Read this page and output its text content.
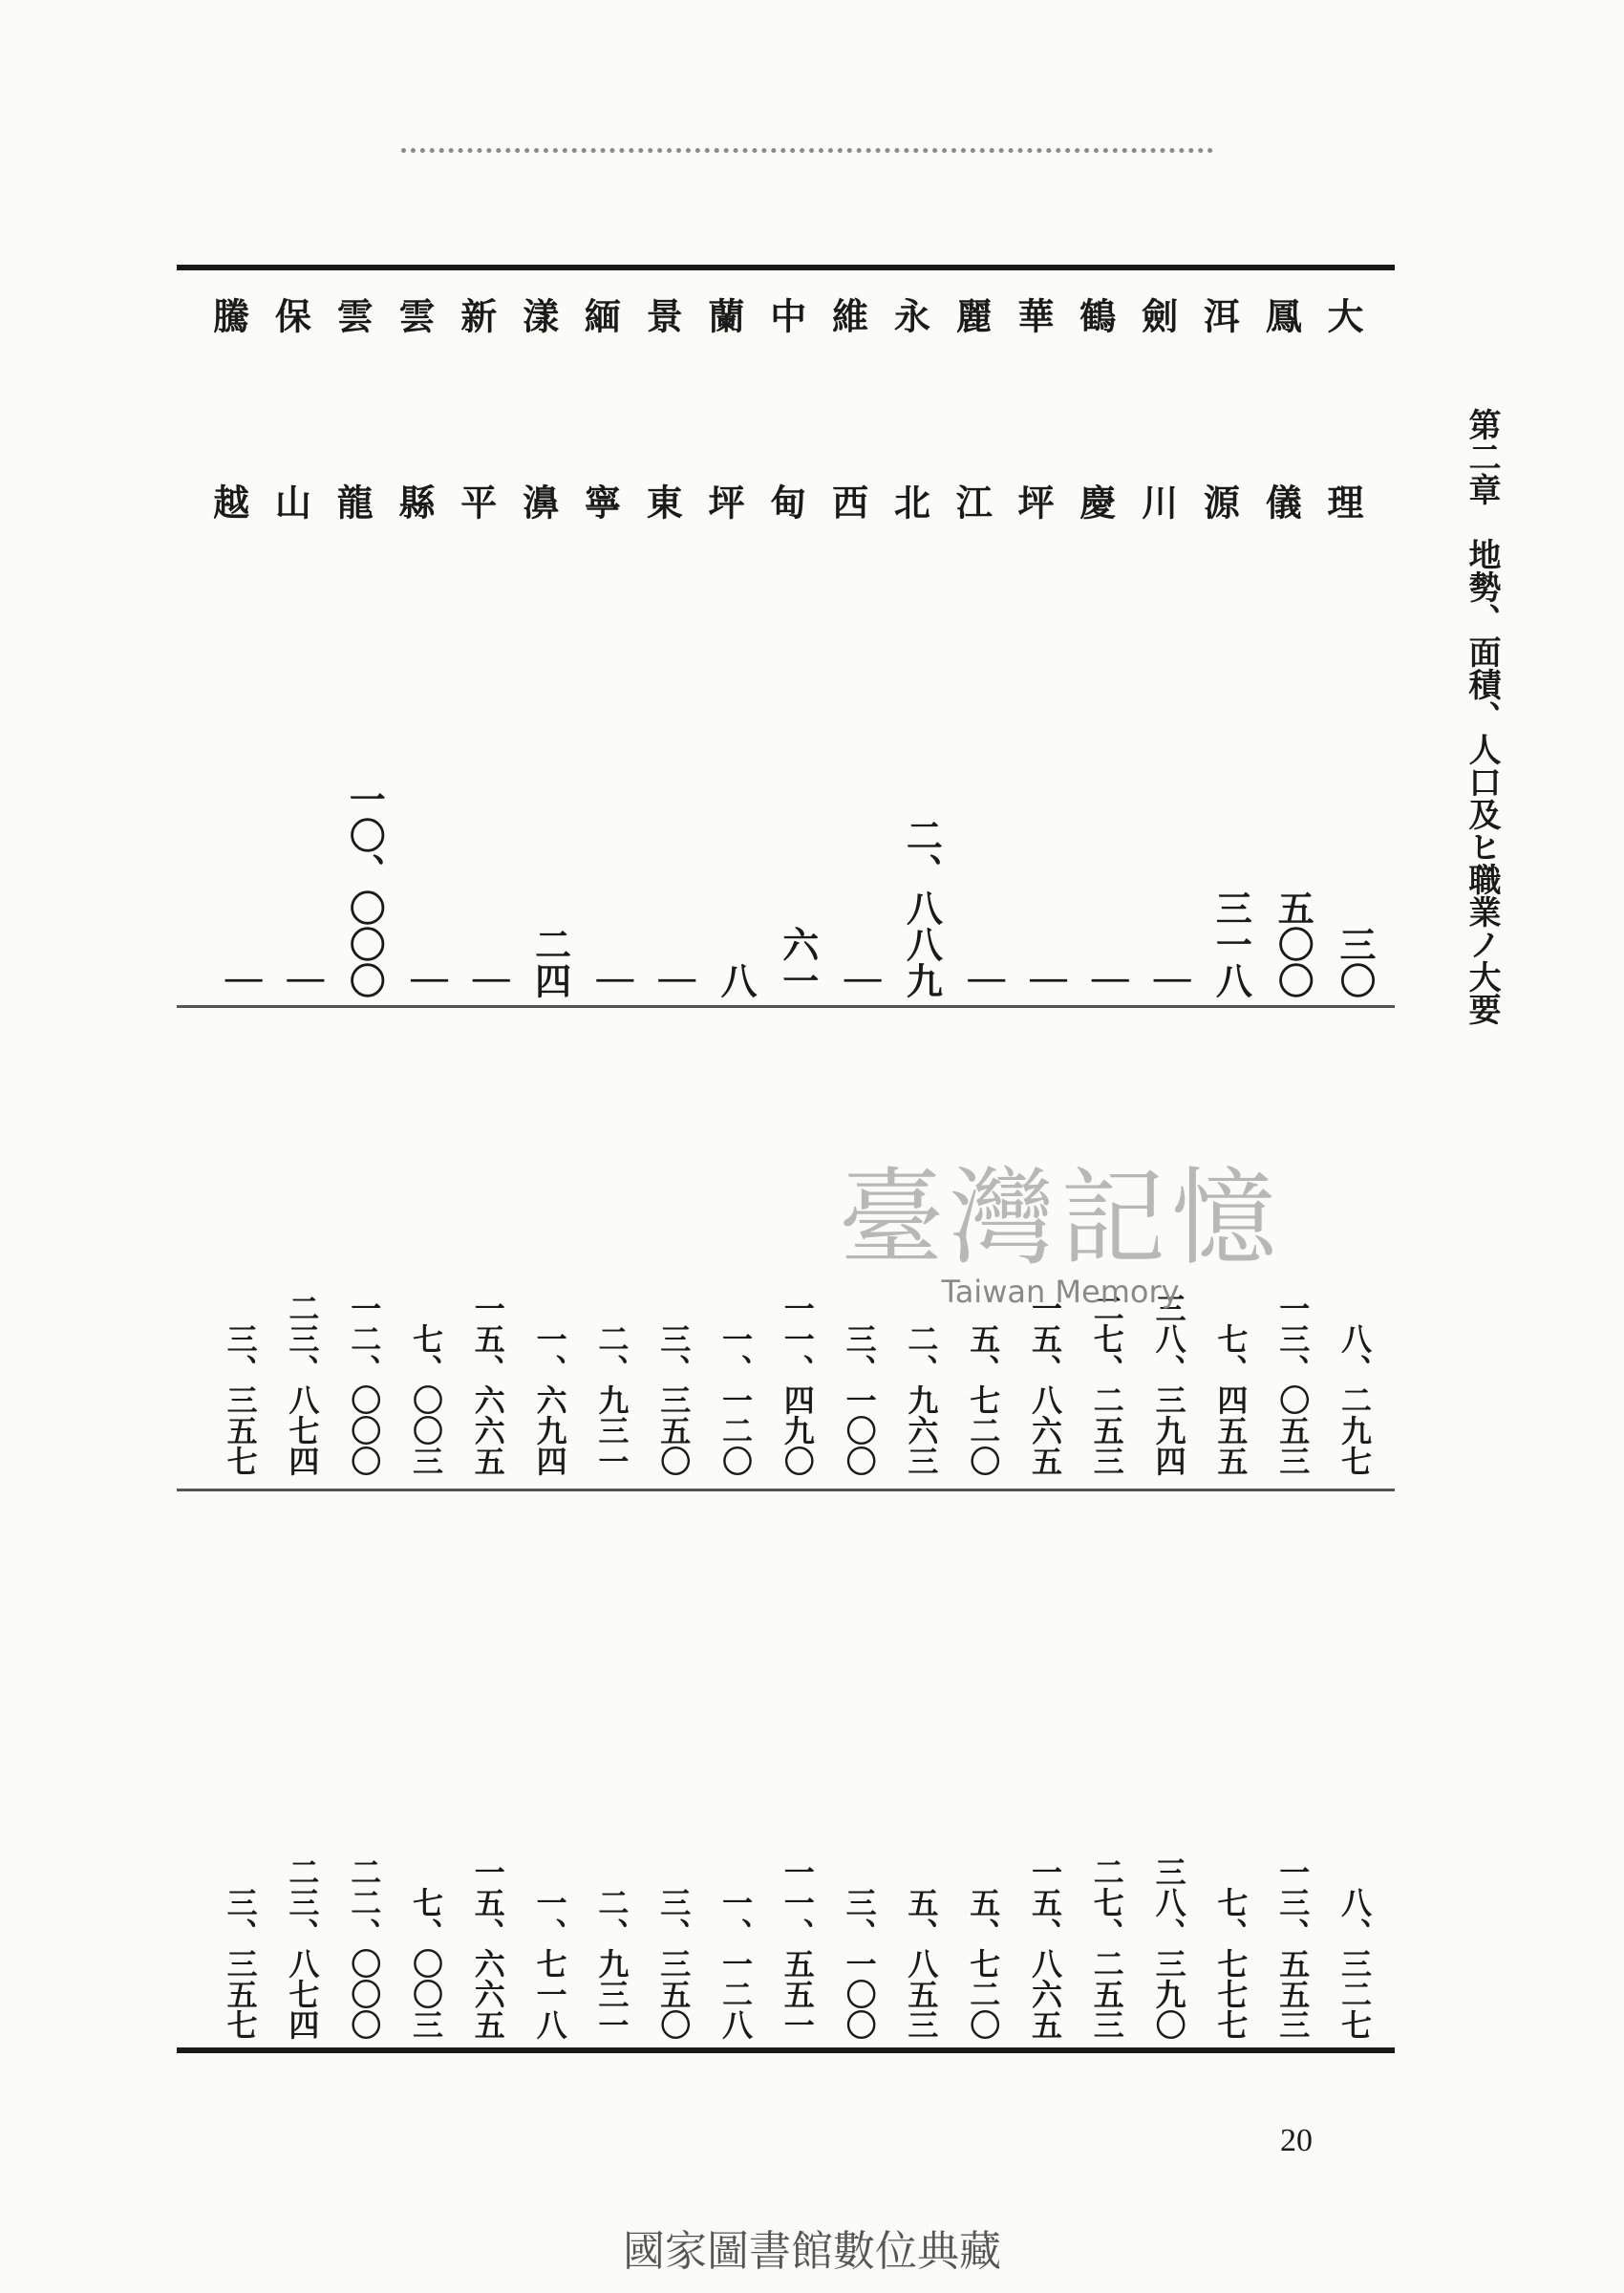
大
理
三〇
八、二九七
八、三二七
鳳
儀
五〇〇
一三、〇五三
一三、五五三
洱
源
三一八
七、四五五
七、七七七
劍
川
｜
三八、三九四
三八、三九〇
鶴
慶
｜
二七、二五三
二七、二五三
華
坪
｜
一五、八六五
一五、八六五
麗
江
｜
五、七二〇
五、七二〇
永
北
二、八八九
二、九六三
五、八五三
維
西
｜
三、一〇〇
三、一〇〇
中
甸
六一
一一、四九〇
一一、五五一
蘭
坪
八
一、一二〇
一、一二八
景
東
｜
三、三五〇
三、三五〇
緬
寧
｜
二、九三一
二、九三一
漾
濞
二四
一、六九四
一、七一八
新
平
｜
一五、六六五
一五、六六五
雲
縣
｜
七、〇〇三
七、〇〇三
雲
龍
一〇、〇〇〇
一二、〇〇〇
二二、〇〇〇
保
山
｜
二三、八七四
二三、八七四
騰
越
｜
三、三五七
三、三五七
第二章　地勢、面積、人口及ヒ職業ノ大要
臺灣記憶
Taiwan Memory
20
國家圖書館數位典藏
